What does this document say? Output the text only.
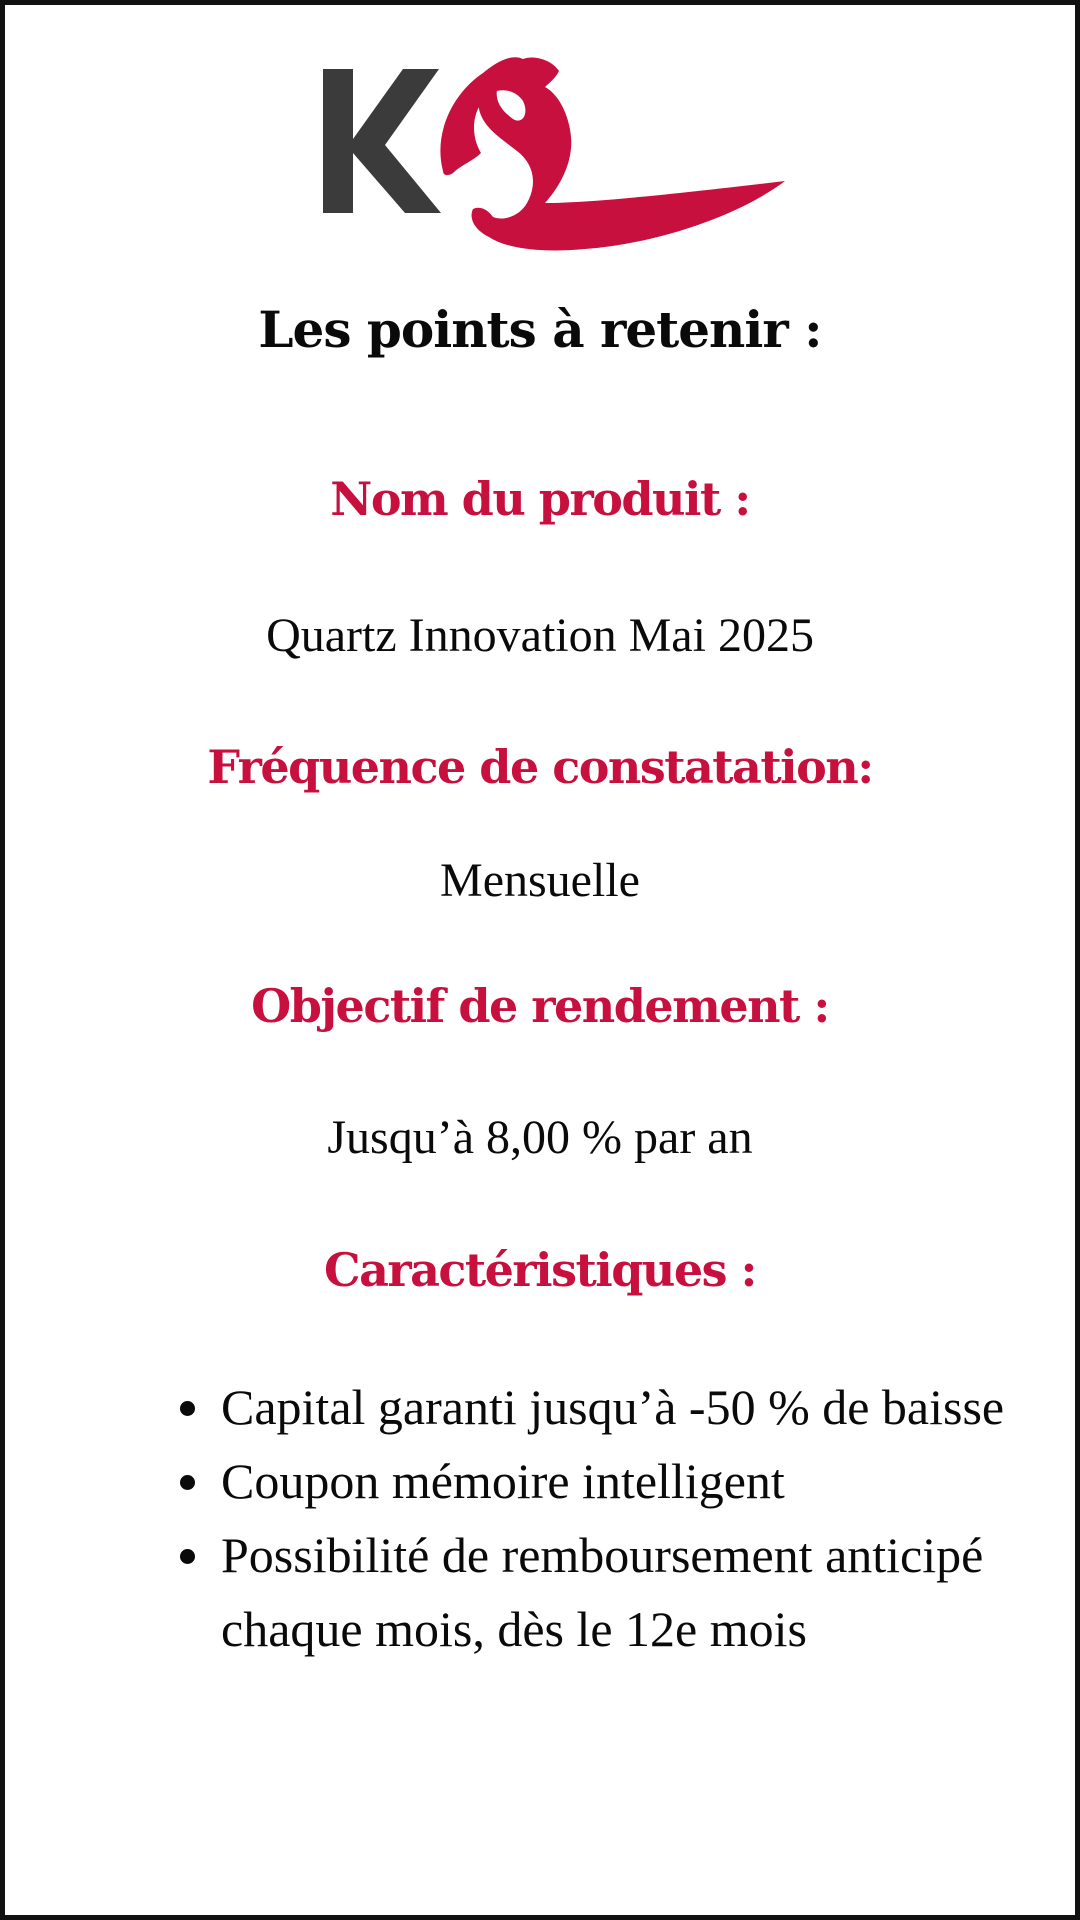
Les points à retenir :
Nom du produit :
Quartz Innovation Mai 2025
Fréquence de constatation:
Mensuelle
Objectif de rendement :
Jusqu’à 8,00 % par an
Caractéristiques :
• Capital garanti jusqu’à -50 % de baisse
• Coupon mémoire intelligent
• Possibilité de remboursement anticipé chaque mois, dès le 12e mois
